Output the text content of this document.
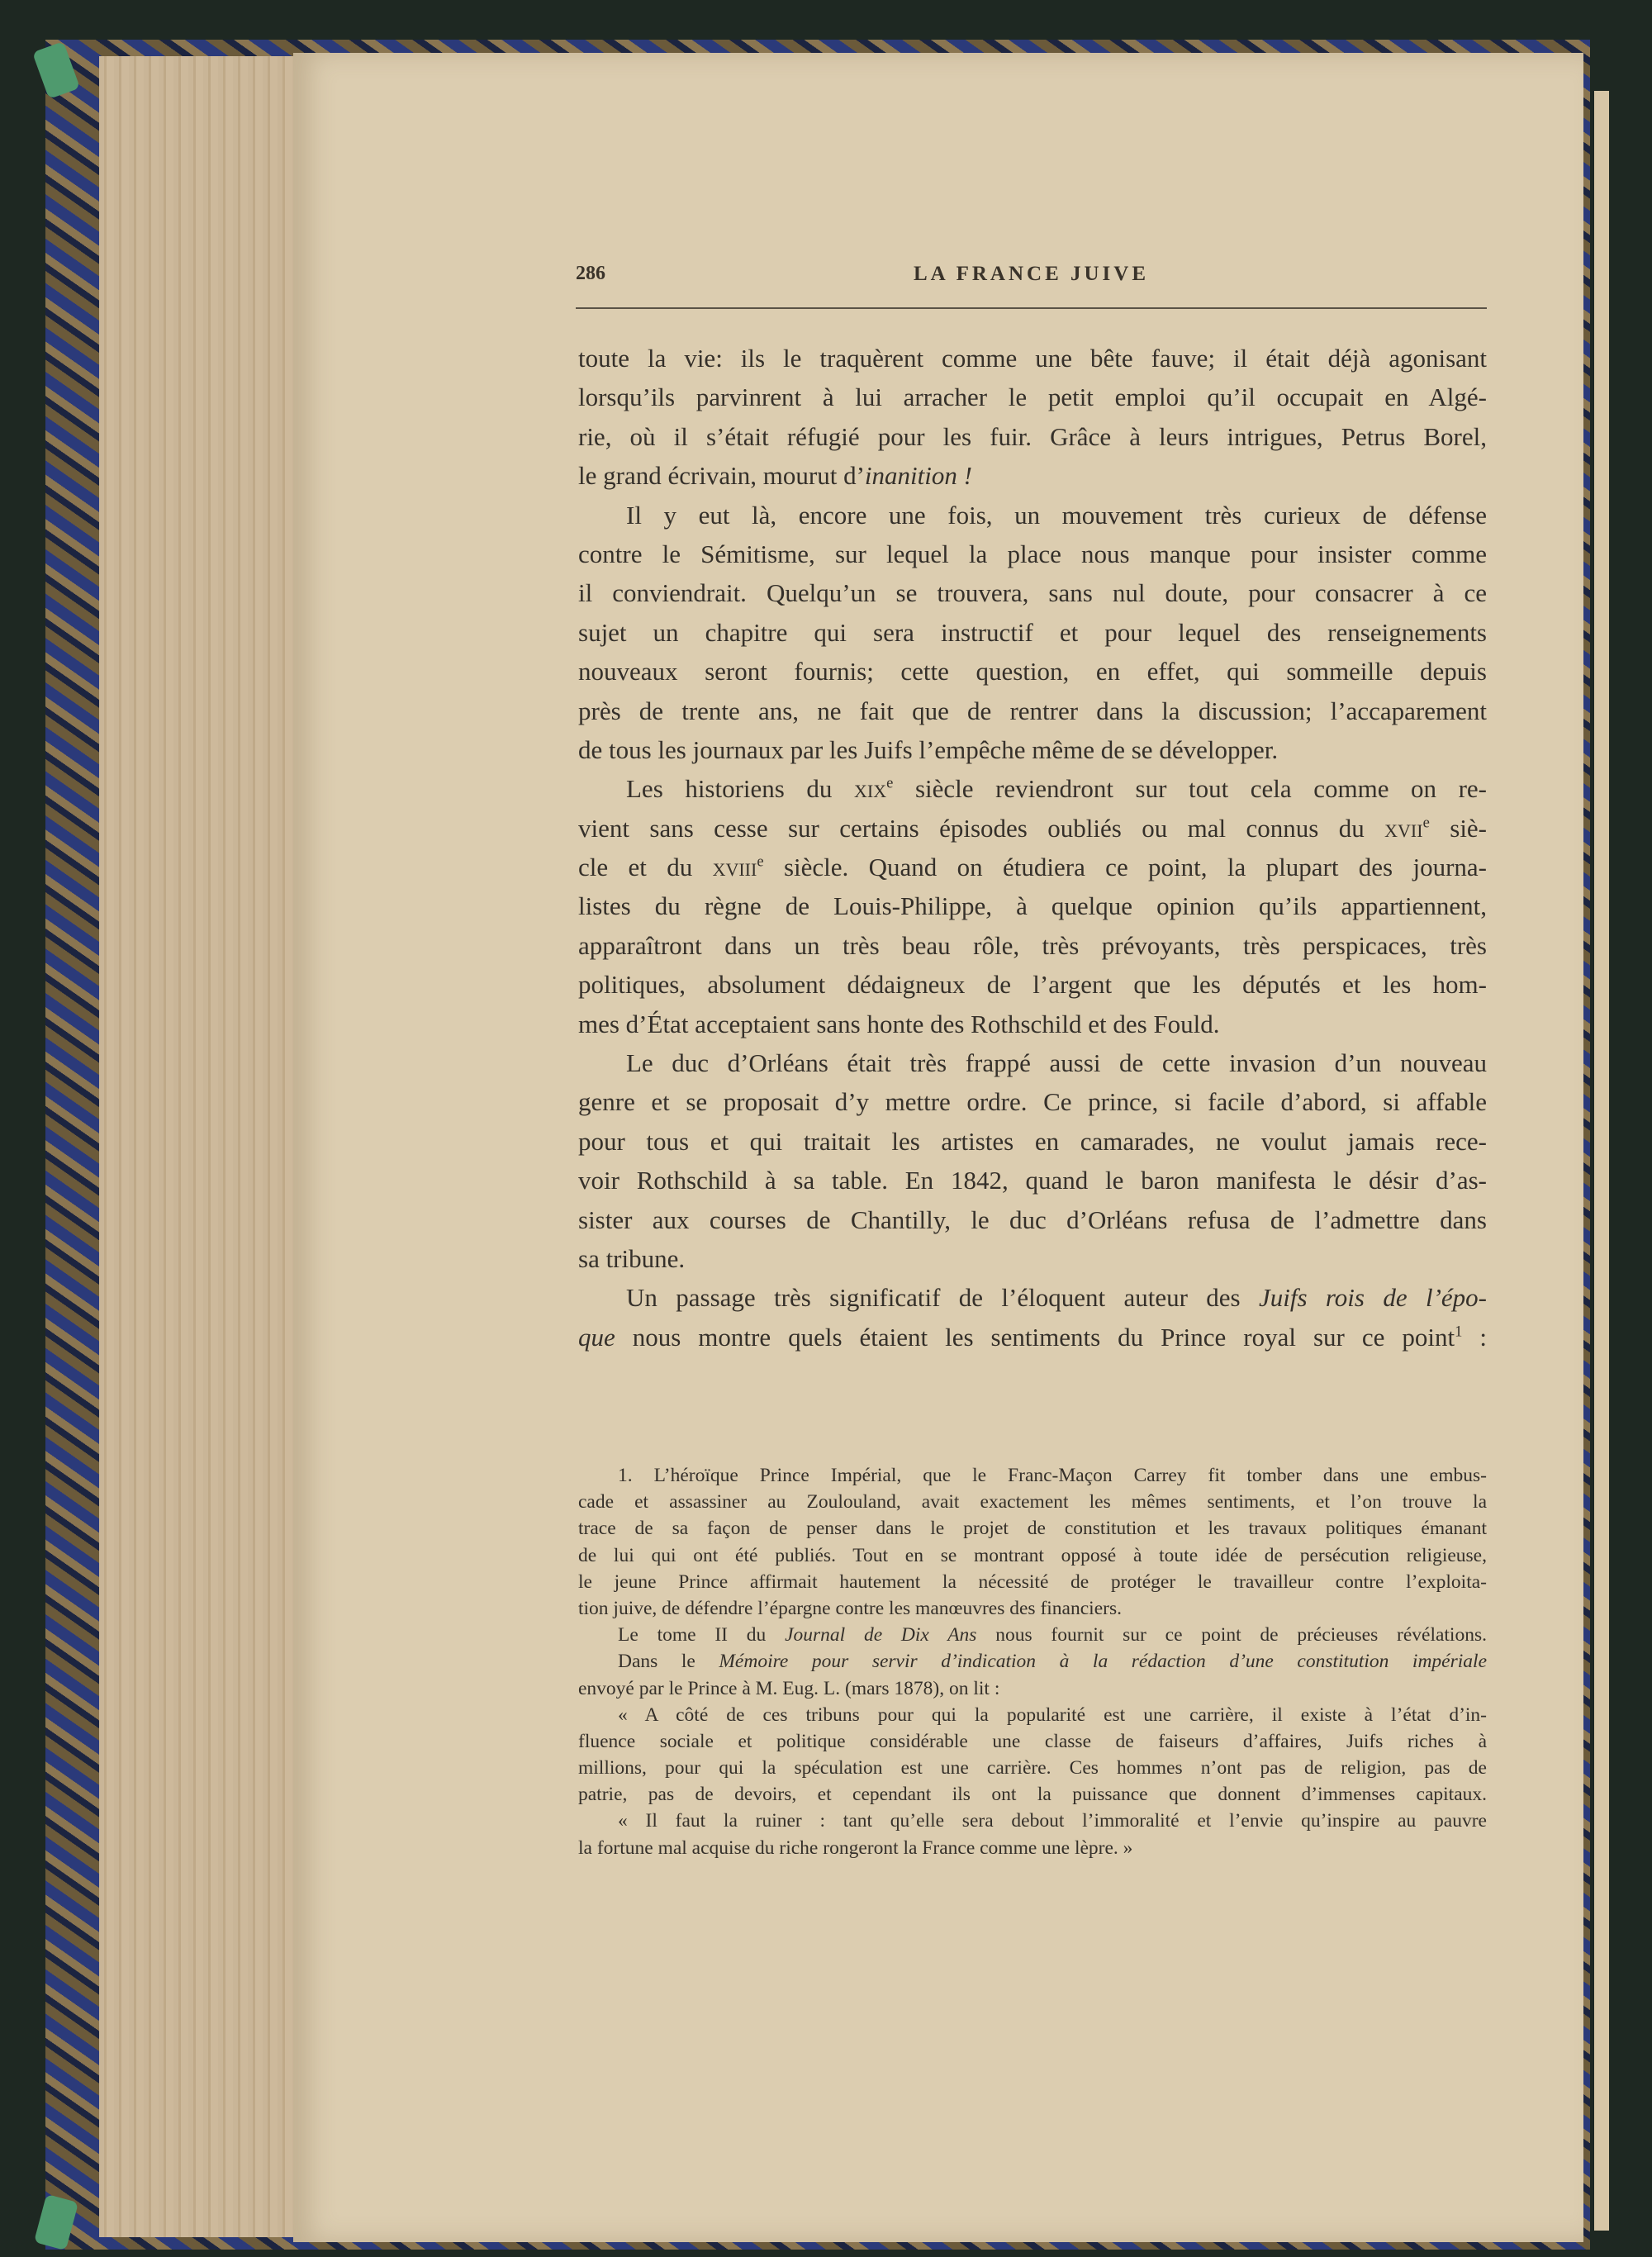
286	LA FRANCE JUIVE
toute la vie: ils le traquèrent comme une bête fauve; il était déjà agonisant
lorsqu’ils parvinrent à lui arracher le petit emploi qu’il occupait en Algé-
rie, où il s’était réfugié pour les fuir. Grâce à leurs intrigues, Petrus Borel,
le grand écrivain, mourut d’inanition !
Il y eut là, encore une fois, un mouvement très curieux de défense
contre le Sémitisme, sur lequel la place nous manque pour insister comme
il conviendrait. Quelqu’un se trouvera, sans nul doute, pour consacrer à ce
sujet un chapitre qui sera instructif et pour lequel des renseignements
nouveaux seront fournis; cette question, en effet, qui sommeille depuis
près de trente ans, ne fait que de rentrer dans la discussion; l’accaparement
de tous les journaux par les Juifs l’empêche même de se développer.
Les historiens du xix$^e$ siècle reviendront sur tout cela comme on re-
vient sans cesse sur certains épisodes oubliés ou mal connus du xvii$^e$ siè-
cle et du xviii$^e$ siècle. Quand on étudiera ce point, la plupart des journa-
listes du règne de Louis-Philippe, à quelque opinion qu’ils appartiennent,
apparaîtront dans un très beau rôle, très prévoyants, très perspicaces, très
politiques, absolument dédaigneux de l’argent que les députés et les hom-
mes d’État acceptaient sans honte des Rothschild et des Fould.
Le duc d’Orléans était très frappé aussi de cette invasion d’un nouveau
genre et se proposait d’y mettre ordre. Ce prince, si facile d’abord, si affable
pour tous et qui traitait les artistes en camarades, ne voulut jamais rece-
voir Rothschild à sa table. En 1842, quand le baron manifesta le désir d’as-
sister aux courses de Chantilly, le duc d’Orléans refusa de l’admettre dans
sa tribune.
Un passage très significatif de l’éloquent auteur des Juifs rois de l’épo-
que nous montre quels étaient les sentiments du Prince royal sur ce point$^1$ :
1. L’héroïque Prince Impérial, que le Franc-Maçon Carrey fit tomber dans une embus-
cade et assassiner au Zoulouland, avait exactement les mêmes sentiments, et l’on trouve la
trace de sa façon de penser dans le projet de constitution et les travaux politiques émanant
de lui qui ont été publiés. Tout en se montrant opposé à toute idée de persécution religieuse,
le jeune Prince affirmait hautement la nécessité de protéger le travailleur contre l’exploita-
tion juive, de défendre l’épargne contre les manœuvres des financiers.
Le tome II du Journal de Dix Ans nous fournit sur ce point de précieuses révélations.
Dans le Mémoire pour servir d’indication à la rédaction d’une constitution impériale
envoyé par le Prince à M. Eug. L. (mars 1878), on lit :
« A côté de ces tribuns pour qui la popularité est une carrière, il existe à l’état d’in-
fluence sociale et politique considérable une classe de faiseurs d’affaires, Juifs riches à
millions, pour qui la spéculation est une carrière. Ces hommes n’ont pas de religion, pas de
patrie, pas de devoirs, et cependant ils ont la puissance que donnent d’immenses capitaux.
« Il faut la ruiner : tant qu’elle sera debout l’immoralité et l’envie qu’inspire au pauvre
la fortune mal acquise du riche rongeront la France comme une lèpre. »
